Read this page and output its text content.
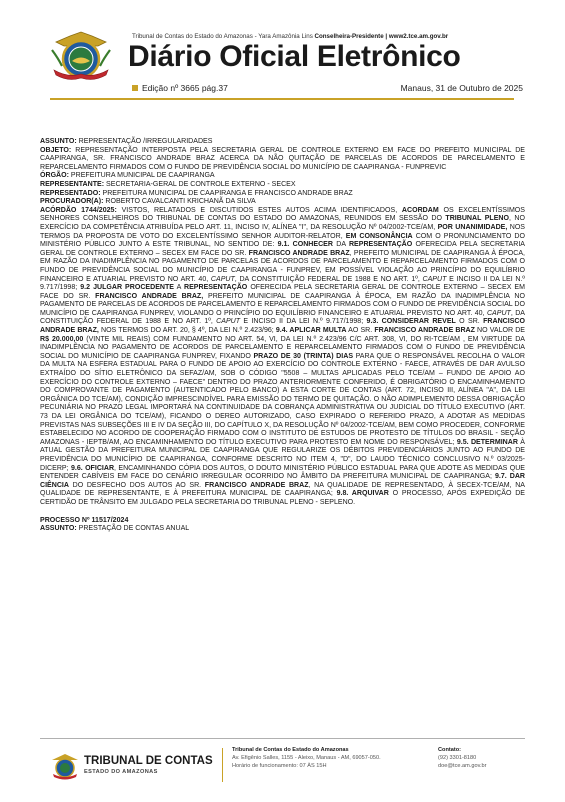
Tribunal de Contas do Estado do Amazonas - Yara Amazônia Lins Conselheira-Presidente | www2.tce.am.gov.br
Diário Oficial Eletrônico
Edição nº 3665 pág.37	Manaus, 31 de Outubro de 2025

ASSUNTO: REPRESENTAÇÃO /IRREGULARIDADES

OBJETO: REPRESENTAÇÃO INTERPOSTA PELA SECRETARIA GERAL DE CONTROLE EXTERNO EM FACE DO PREFEITO MUNICIPAL DE CAAPIRANGA, SR. FRANCISCO ANDRADE BRAZ ACERCA DA NÃO QUITAÇÃO DE PARCELAS DE ACORDOS DE PARCELAMENTO E REPARCELAMENTO FIRMADOS COM O FUNDO DE PREVIDÊNCIA SOCIAL DO MUNICÍPIO DE CAAPIRANGA - FUNPREVIC

ÓRGÃO: PREFEITURA MUNICIPAL DE CAAPIRANGA

REPRESENTANTE: SECRETARIA-GERAL DE CONTROLE EXTERNO - SECEX

REPRESENTADO: PREFEITURA MUNICIPAL DE CAAPIRANGA E FRANCISCO ANDRADE BRAZ

PROCURADOR(A): ROBERTO CAVALCANTI KRICHANÃ DA SILVA

ACÓRDÃO 1744/2025: VISTOS, RELATADOS E DISCUTIDOS ESTES AUTOS ACIMA IDENTIFICADOS, ACORDAM OS EXCELENTÍSSIMOS SENHORES CONSELHEIROS DO TRIBUNAL DE CONTAS DO ESTADO DO AMAZONAS, REUNIDOS EM SESSÃO DO TRIBUNAL PLENO, NO EXERCÍCIO DA COMPETÊNCIA ATRIBUÍDA PELO ART. 11, INCISO IV, ALÍNEA "I", DA RESOLUÇÃO Nº 04/2002-TCE/AM, POR UNANIMIDADE, NOS TERMOS DA PROPOSTA DE VOTO DO EXCELENTÍSSIMO SENHOR AUDITOR-RELATOR, EM CONSONÂNCIA COM O PRONUNCIAMENTO DO MINISTÉRIO PÚBLICO JUNTO A ESTE TRIBUNAL, NO SENTIDO DE: 9.1. CONHECER DA REPRESENTAÇÃO OFERECIDA PELA SECRETARIA GERAL DE CONTROLE EXTERNO – SECEX EM FACE DO SR. FRANCISCO ANDRADE BRAZ, PREFEITO MUNICIPAL DE CAAPIRANGA À ÉPOCA, EM RAZÃO DA INADIMPLÊNCIA NO PAGAMENTO DE PARCELAS DE ACORDOS DE PARCELAMENTO E REPARCELAMENTO FIRMADOS COM O FUNDO DE PREVIDÊNCIA SOCIAL DO MUNICÍPIO DE CAAPIRANGA - FUNPREV, EM POSSÍVEL VIOLAÇÃO AO PRINCÍPIO DO EQUILÍBRIO FINANCEIRO E ATUARIAL PREVISTO NO ART. 40, CAPUT, DA CONSTITUIÇÃO FEDERAL DE 1988 E NO ART. 1º, CAPUT E INCISO II DA LEI N.º 9.717/1998; 9.2 JULGAR PROCEDENTE A REPRESENTAÇÃO OFERECIDA PELA SECRETARIA GERAL DE CONTROLE EXTERNO – SECEX EM FACE DO SR. FRANCISCO ANDRADE BRAZ, PREFEITO MUNICIPAL DE CAAPIRANGA À ÉPOCA, EM RAZÃO DA INADIMPLÊNCIA NO PAGAMENTO DE PARCELAS DE ACORDOS DE PARCELAMENTO E REPARCELAMENTO FIRMADOS COM O FUNDO DE PREVIDÊNCIA SOCIAL DO MUNICÍPIO DE CAAPIRANGA FUNPREV, VIOLANDO O PRINCÍPIO DO EQUILÍBRIO FINANCEIRO E ATUARIAL PREVISTO NO ART. 40, CAPUT, DA CONSTITUIÇÃO FEDERAL DE 1988 E NO ART. 1º, CAPUT E INCISO II DA LEI N.º 9.717/1998; 9.3. CONSIDERAR REVEL O SR. FRANCISCO ANDRADE BRAZ, NOS TERMOS DO ART. 20, § 4º, DA LEI N.º 2.423/96; 9.4. APLICAR MULTA AO SR. FRANCISCO ANDRADE BRAZ NO VALOR DE R$ 20.000,00 (VINTE MIL REAIS) COM FUNDAMENTO NO ART. 54, VI, DA LEI N.º 2.423/96 C/C ART. 308, VI, DO RI-TCE/AM , EM VIRTUDE DA INADIMPLÊNCIA NO PAGAMENTO DE ACORDOS DE PARCELAMENTO E REPARCELAMENTO FIRMADOS COM O FUNDO DE PREVIDÊNCIA SOCIAL DO MUNICÍPIO DE CAAPIRANGA FUNPREV, FIXANDO PRAZO DE 30 (TRINTA) DIAS PARA QUE O RESPONSÁVEL RECOLHA O VALOR DA MULTA NA ESFERA ESTADUAL PARA O FUNDO DE APOIO AO EXERCÍCIO DO CONTROLE EXTERNO - FAECE, ATRAVÉS DE DAR AVULSO EXTRAÍDO DO SÍTIO ELETRÔNICO DA SEFAZ/AM, SOB O CÓDIGO "5508 – MULTAS APLICADAS PELO TCE/AM – FUNDO DE APOIO AO EXERCÍCIO DO CONTROLE EXTERNO – FAECE" DENTRO DO PRAZO ANTERIORMENTE CONFERIDO, É OBRIGATÓRIO O ENCAMINHAMENTO DO COMPROVANTE DE PAGAMENTO (AUTENTICADO PELO BANCO) A ESTA CORTE DE CONTAS (ART. 72, INCISO III, ALÍNEA "A", DA LEI ORGÂNICA DO TCE/AM), CONDIÇÃO IMPRESCINDÍVEL PARA EMISSÃO DO TERMO DE QUITAÇÃO. O NÃO ADIMPLEMENTO DESSA OBRIGAÇÃO PECUNIÁRIA NO PRAZO LEGAL IMPORTARÁ NA CONTINUIDADE DA COBRANÇA ADMINISTRATIVA OU JUDICIAL DO TÍTULO EXECUTIVO (ART. 73 DA LEI ORGÂNICA DO TCE/AM), FICANDO O DEREO AUTORIZADO, CASO EXPIRADO O REFERIDO PRAZO, A ADOTAR AS MEDIDAS PREVISTAS NAS SUBSEÇÕES III E IV DA SEÇÃO III, DO CAPÍTULO X, DA RESOLUÇÃO Nº 04/2002-TCE/AM, BEM COMO PROCEDER, CONFORME ESTABELECIDO NO ACORDO DE COOPERAÇÃO FIRMADO COM O INSTITUTO DE ESTUDOS DE PROTESTO DE TÍTULOS DO BRASIL - SEÇÃO AMAZONAS - IEPTB/AM, AO ENCAMINHAMENTO DO TÍTULO EXECUTIVO PARA PROTESTO EM NOME DO RESPONSÁVEL; 9.5. DETERMINAR À ATUAL GESTÃO DA PREFEITURA MUNICIPAL DE CAAPIRANGA QUE REGULARIZE OS DÉBITOS PREVIDENCIÁRIOS JUNTO AO FUNDO DE PREVIDÊNCIA DO MUNICÍPIO DE CAAPIRANGA, CONFORME DESCRITO NO ITEM 4, "D", DO LAUDO TÉCNICO CONCLUSIVO N.º 03/2025-DICERP; 9.6. OFICIAR, ENCAMINHANDO CÓPIA DOS AUTOS, O DOUTO MINISTÉRIO PÚBLICO ESTADUAL PARA QUE ADOTE AS MEDIDAS QUE ENTENDER CABÍVEIS EM FACE DO CENÁRIO IRREGULAR OCORRIDO NO ÂMBITO DA PREFEITURA MUNICIPAL DE CAAPIRANGA; 9.7. DAR CIÊNCIA DO DESFECHO DOS AUTOS AO SR. FRANCISCO ANDRADE BRAZ, NA QUALIDADE DE REPRESENTADO, À SECEX-TCE/AM, NA QUALIDADE DE REPRESENTANTE, E À PREFEITURA MUNICIPAL DE CAAPIRANGA; 9.8. ARQUIVAR O PROCESSO, APÓS EXPEDIÇÃO DE CERTIDÃO DE TRÂNSITO EM JULGADO PELA SECRETARIA DO TRIBUNAL PLENO - SEPLENO.

PROCESSO Nº 11517/2024

ASSUNTO: PRESTAÇÃO DE CONTAS ANUAL

TRIBUNAL DE CONTAS
ESTADO DO AMAZONAS
Tribunal de Contas do Estado do Amazonas
Av. Efigênio Salles, 1155 - Aleixo, Manaus - AM, 69057-050.
Horário de funcionamento: 07 ÀS 15H
Contato:
(92) 3301-8180
doe@tce.am.gov.br
